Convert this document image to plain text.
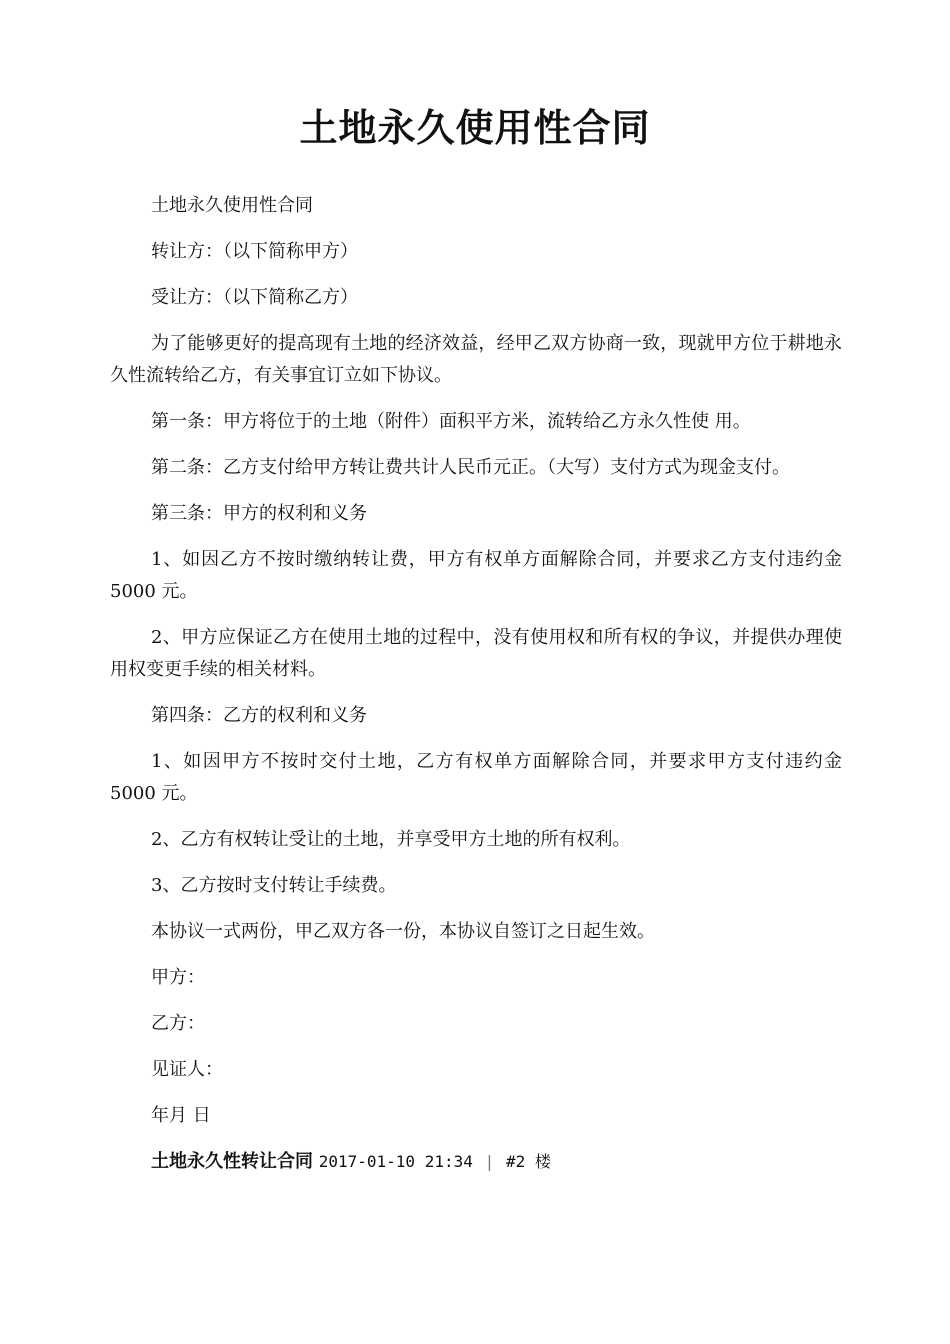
土地永久使用性合同

土地永久使用性合同

转让方：（以下简称甲方）

受让方：（以下简称乙方）

为了能够更好的提高现有土地的经济效益，经甲乙双方协商一致，现就甲方位于耕地永久性流转给乙方，有关事宜订立如下协议。

第一条：甲方将位于的土地（附件）面积平方米，流转给乙方永久性使 用。

第二条：乙方支付给甲方转让费共计人民币元正。（大写）支付方式为现金支付。

第三条：甲方的权利和义务

1、如因乙方不按时缴纳转让费，甲方有权单方面解除合同，并要求乙方支付违约金 5000 元。

2、甲方应保证乙方在使用土地的过程中，没有使用权和所有权的争议，并提供办理使用权变更手续的相关材料。

第四条：乙方的权利和义务

1、如因甲方不按时交付土地，乙方有权单方面解除合同，并要求甲方支付违约金 5000 元。

2、乙方有权转让受让的土地，并享受甲方土地的所有权利。

3、乙方按时支付转让手续费。

本协议一式两份，甲乙双方各一份，本协议自签订之日起生效。

甲方：

乙方：

见证人：

年月 日

土地永久性转让合同 2017-01-10 21:34 | #2 楼
